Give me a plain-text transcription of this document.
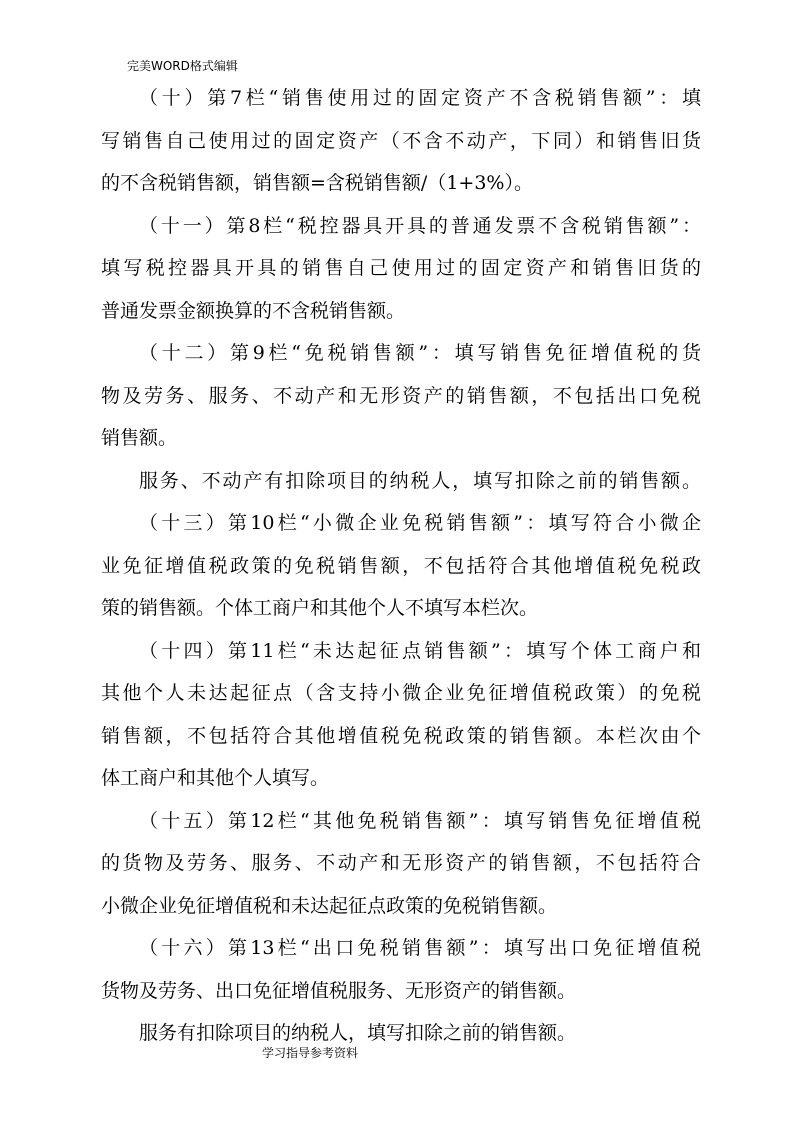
完美WORD格式编辑
（十）第7栏“销售使用过的固定资产不含税销售额”：填
写销售自己使用过的固定资产（不含不动产，下同）和销售旧货
的不含税销售额，销售额=含税销售额/（1+3%）。
（十一）第8栏“税控器具开具的普通发票不含税销售额”：
填写税控器具开具的销售自己使用过的固定资产和销售旧货的
普通发票金额换算的不含税销售额。
（十二）第9栏“免税销售额”：填写销售免征增值税的货
物及劳务、服务、不动产和无形资产的销售额，不包括出口免税
销售额。
服务、不动产有扣除项目的纳税人，填写扣除之前的销售额。
（十三）第10栏“小微企业免税销售额”：填写符合小微企
业免征增值税政策的免税销售额，不包括符合其他增值税免税政
策的销售额。个体工商户和其他个人不填写本栏次。
（十四）第11栏“未达起征点销售额”：填写个体工商户和
其他个人未达起征点（含支持小微企业免征增值税政策）的免税
销售额，不包括符合其他增值税免税政策的销售额。本栏次由个
体工商户和其他个人填写。
（十五）第12栏“其他免税销售额”：填写销售免征增值税
的货物及劳务、服务、不动产和无形资产的销售额，不包括符合
小微企业免征增值税和未达起征点政策的免税销售额。
（十六）第13栏“出口免税销售额”：填写出口免征增值税
货物及劳务、出口免征增值税服务、无形资产的销售额。
服务有扣除项目的纳税人，填写扣除之前的销售额。
学习指导参考资料
